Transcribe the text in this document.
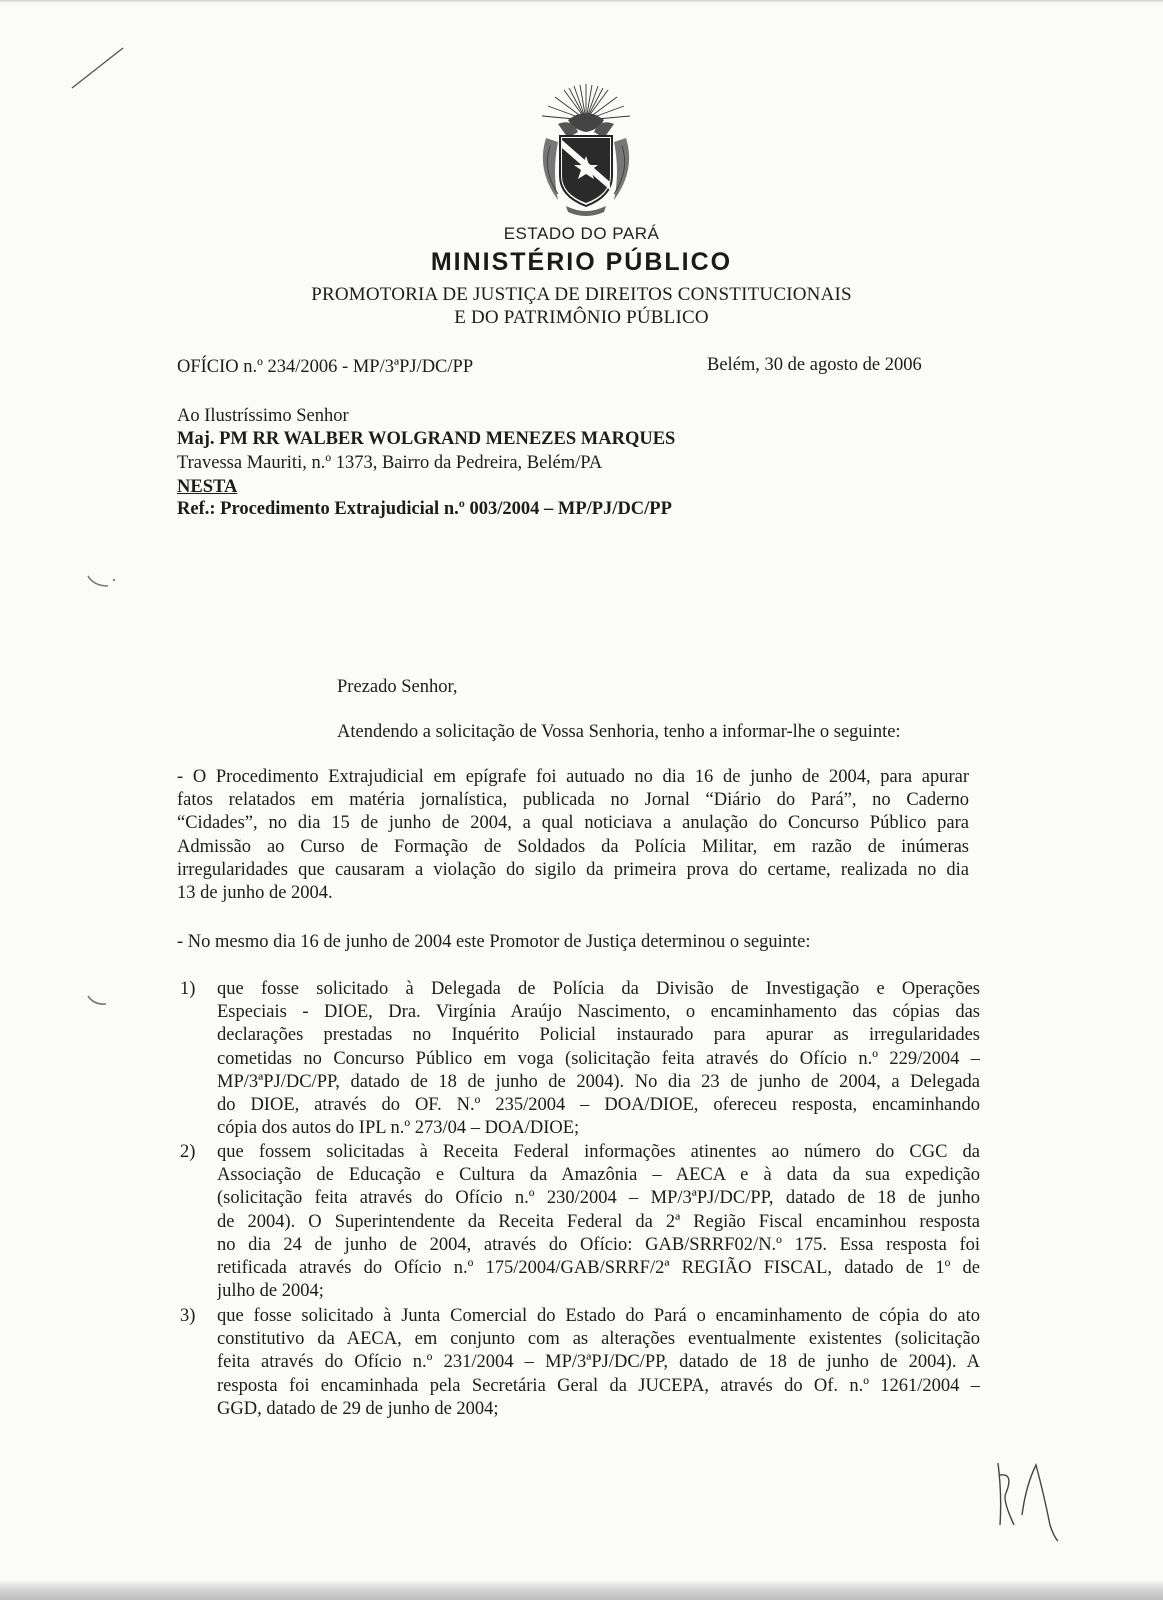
ESTADO DO PARÁ
MINISTÉRIO PÚBLICO
PROMOTORIA DE JUSTIÇA DE DIREITOS CONSTITUCIONAIS
E DO PATRIMÔNIO PÚBLICO
OFÍCIO n.º 234/2006 - MP/3ªPJ/DC/PP	Belém, 30 de agosto de 2006
Ao Ilustríssimo Senhor
Maj. PM RR WALBER WOLGRAND MENEZES MARQUES
Travessa Mauriti, n.º 1373, Bairro da Pedreira, Belém/PA
NESTA
Ref.: Procedimento Extrajudicial n.º 003/2004 – MP/PJ/DC/PP
Prezado Senhor,
Atendendo a solicitação de Vossa Senhoria, tenho a informar-lhe o seguinte:
- O Procedimento Extrajudicial em epígrafe foi autuado no dia 16 de junho de 2004, para apurar
fatos relatados em matéria jornalística, publicada no Jornal “Diário do Pará”, no Caderno
“Cidades”, no dia 15 de junho de 2004, a qual noticiava a anulação do Concurso Público para
Admissão ao Curso de Formação de Soldados da Polícia Militar, em razão de inúmeras
irregularidades que causaram a violação do sigilo da primeira prova do certame, realizada no dia
13 de junho de 2004.
- No mesmo dia 16 de junho de 2004 este Promotor de Justiça determinou o seguinte:
1) que fosse solicitado à Delegada de Polícia da Divisão de Investigação e Operações
Especiais - DIOE, Dra. Virgínia Araújo Nascimento, o encaminhamento das cópias das
declarações prestadas no Inquérito Policial instaurado para apurar as irregularidades
cometidas no Concurso Público em voga (solicitação feita através do Ofício n.º 229/2004 –
MP/3ªPJ/DC/PP, datado de 18 de junho de 2004). No dia 23 de junho de 2004, a Delegada
do DIOE, através do OF. N.º 235/2004 – DOA/DIOE, ofereceu resposta, encaminhando
cópia dos autos do IPL n.º 273/04 – DOA/DIOE;
2) que fossem solicitadas à Receita Federal informações atinentes ao número do CGC da
Associação de Educação e Cultura da Amazônia – AECA e à data da sua expedição
(solicitação feita através do Ofício n.º 230/2004 – MP/3ªPJ/DC/PP, datado de 18 de junho
de 2004). O Superintendente da Receita Federal da 2ª Região Fiscal encaminhou resposta
no dia 24 de junho de 2004, através do Ofício: GAB/SRRF02/N.º 175. Essa resposta foi
retificada através do Ofício n.º 175/2004/GAB/SRRF/2ª REGIÃO FISCAL, datado de 1º de
julho de 2004;
3) que fosse solicitado à Junta Comercial do Estado do Pará o encaminhamento de cópia do ato
constitutivo da AECA, em conjunto com as alterações eventualmente existentes (solicitação
feita através do Ofício n.º 231/2004 – MP/3ªPJ/DC/PP, datado de 18 de junho de 2004). A
resposta foi encaminhada pela Secretária Geral da JUCEPA, através do Of. n.º 1261/2004 –
GGD, datado de 29 de junho de 2004;
